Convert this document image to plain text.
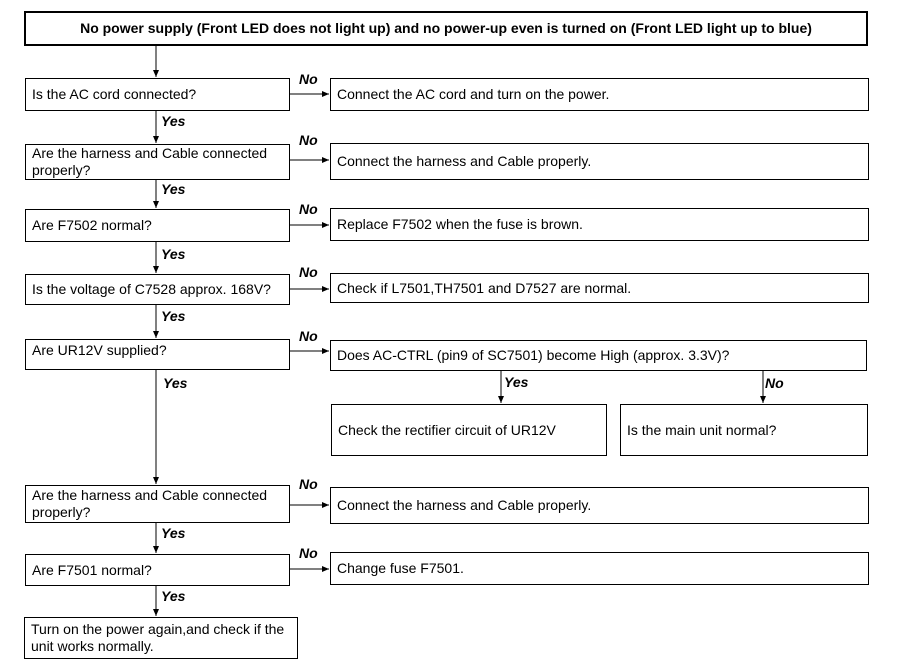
No power supply (Front LED does not light up) and no power-up even is turned on (Front LED light up to blue)
Is the AC cord connected?	Connect the AC cord and turn on the power.
Are the harness and Cable connected properly?
Connect the harness and Cable properly.
Are F7502 normal?	Replace F7502 when the fuse is brown.
Is the voltage of C7528 approx. 168V?	Check if L7501,TH7501 and D7527 are normal.
Are UR12V supplied?	Does AC-CTRL (pin9 of SC7501) become High (approx. 3.3V)?
Check the rectifier circuit of UR12V	Is the main unit normal?
Are the harness and Cable connected properly?	Connect the harness and Cable properly.
Are F7501 normal?	Change fuse F7501.
Turn on the power again,and check if the unit works normally.
No
No
No
No
No
No
No
No
Yes
Yes
Yes
Yes
Yes	Yes
Yes
Yes
